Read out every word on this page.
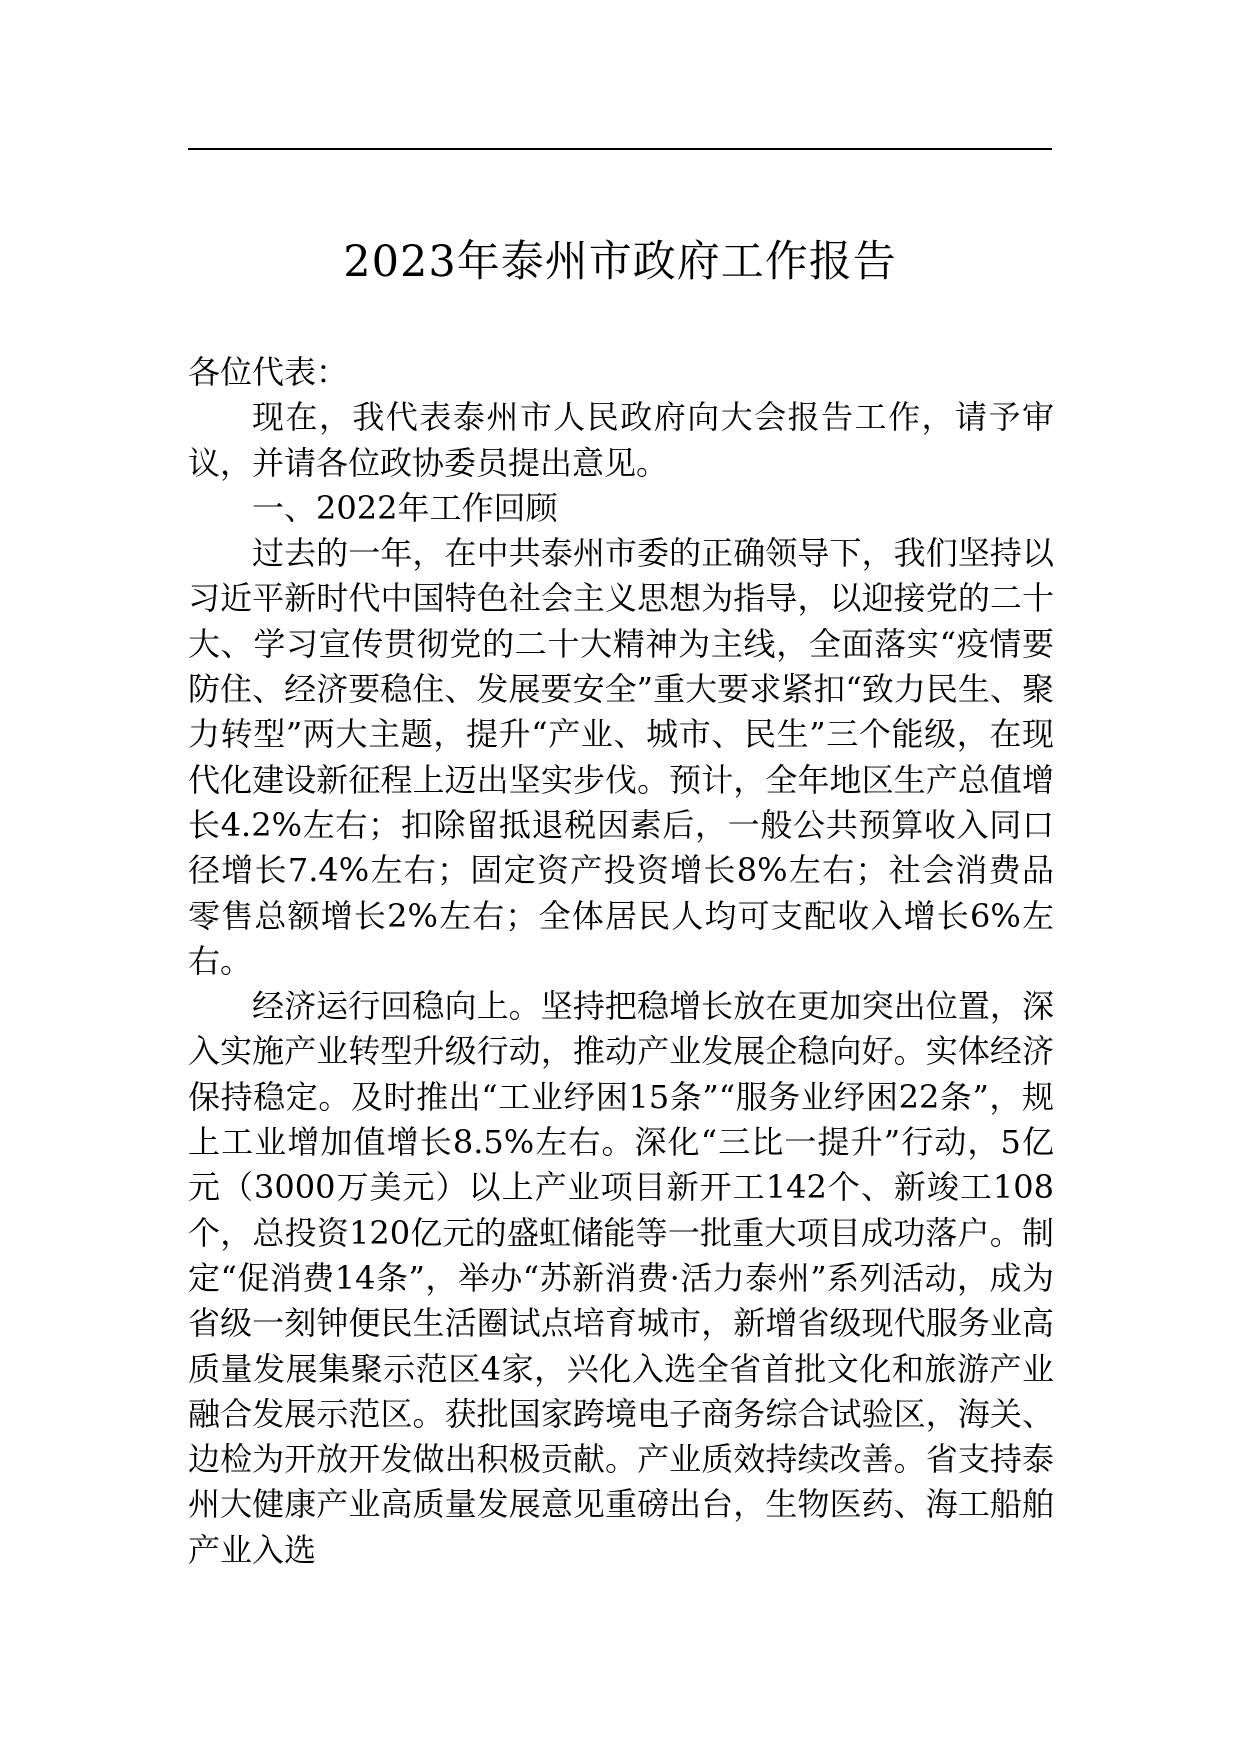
2023年泰州市政府工作报告

各位代表：

现在，我代表泰州市人民政府向大会报告工作，请予审议，并请各位政协委员提出意见。

一、2022年工作回顾

过去的一年，在中共泰州市委的正确领导下，我们坚持以习近平新时代中国特色社会主义思想为指导，以迎接党的二十大、学习宣传贯彻党的二十大精神为主线，全面落实“疫情要防住、经济要稳住、发展要安全”重大要求紧扣“致力民生、聚力转型”两大主题，提升“产业、城市、民生”三个能级，在现代化建设新征程上迈出坚实步伐。预计，全年地区生产总值增长4.2%左右；扣除留抵退税因素后，一般公共预算收入同口径增长7.4%左右；固定资产投资增长8%左右；社会消费品零售总额增长2%左右；全体居民人均可支配收入增长6%左右。

经济运行回稳向上。坚持把稳增长放在更加突出位置，深入实施产业转型升级行动，推动产业发展企稳向好。实体经济保持稳定。及时推出“工业纾困15条”“服务业纾困22条”，规上工业增加值增长8.5%左右。深化“三比一提升”行动，5亿元（3000万美元）以上产业项目新开工142个、新竣工108个，总投资120亿元的盛虹储能等一批重大项目成功落户。制定“促消费14条”，举办“苏新消费·活力泰州”系列活动，成为省级一刻钟便民生活圈试点培育城市，新增省级现代服务业高质量发展集聚示范区4家，兴化入选全省首批文化和旅游产业融合发展示范区。获批国家跨境电子商务综合试验区，海关、边检为开放开发做出积极贡献。产业质效持续改善。省支持泰州大健康产业高质量发展意见重磅出台，生物医药、海工船舶产业入选
